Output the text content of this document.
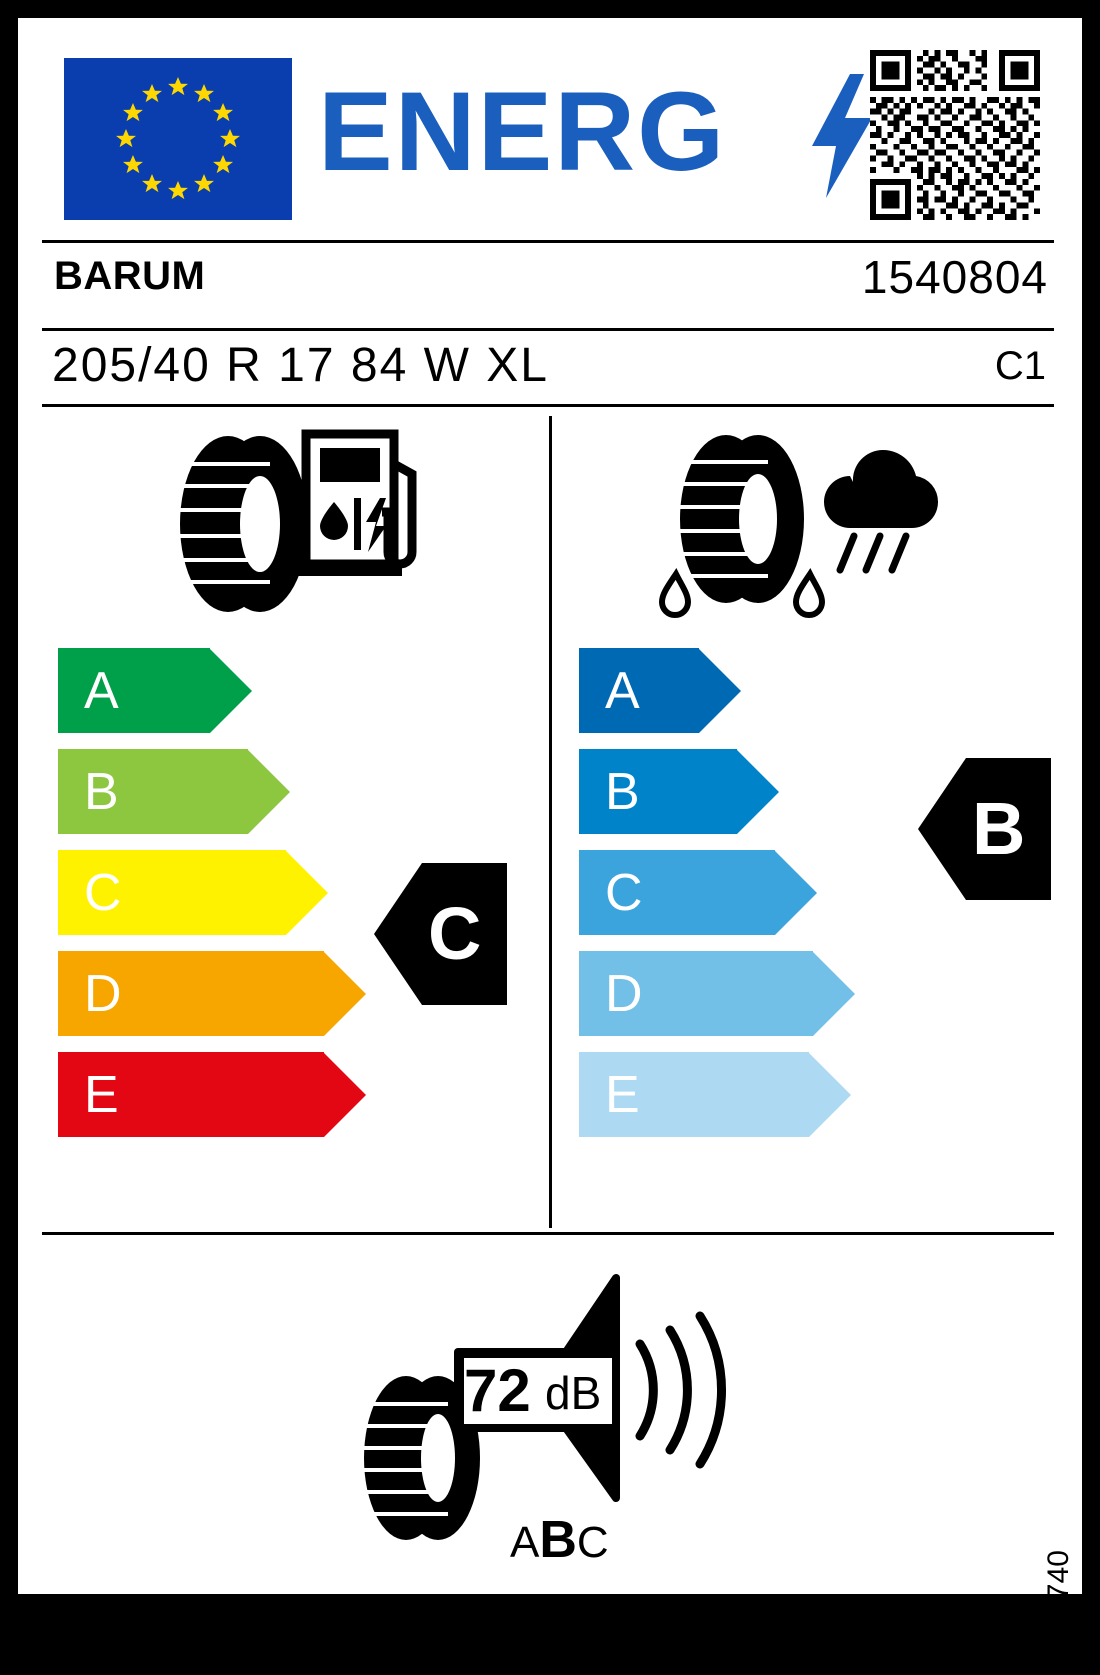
ENERG
BARUM	1540804
205/40 R 17 84 W XL	C1
A
B
C
D
E
A
B
C
D
E
C
B
72 dB
ABC
2020/740
